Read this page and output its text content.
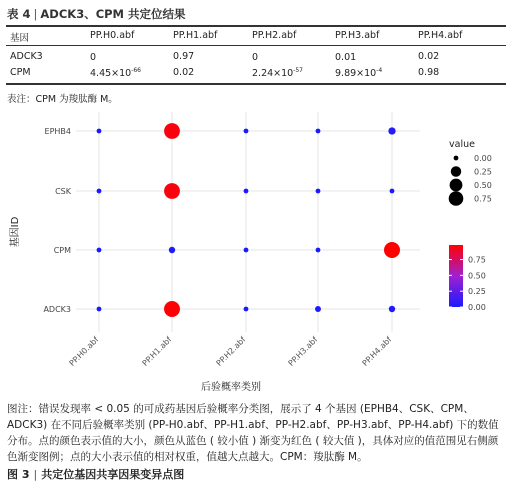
表 4 | ADCK3、CPM 共定位结果
基因	PP.H0.abf	PP.H1.abf	PP.H2.abf	PP.H3.abf	PP.H4.abf
ADCK3	0	0.97	0	0.01	0.02
CPM	$4.45\times 10^{-66}$	0.02	$2.24\times 10^{-57}$	$9.89\times 10^{-4}$	0.98
表注：CPM 为羧肽酶 M。
ADCK3
CPM
CSK
EPHB4
PP.H0.abf	PP.H1.abf	PP.H2.abf	PP.H3.abf	PP.H4.abf
后验概率类别
基因ID
value
0.00
0.25
0.50
0.75
0.75
0.50
0.25
0.00
图注：错误发现率 < 0.05 的可成药基因后验概率分类图，展示了 4 个基因 (EPHB4、CSK、CPM、ADCK3) 在不同后验概率类别 (PP-H0.abf、PP-H1.abf、PP-H2.abf、PP-H3.abf、PP-H4.abf) 下的数值分布。点的颜色表示值的大小，颜色从蓝色 ( 较小值 ) 渐变为红色 ( 较大值 )，具体对应的值范围见右侧颜色渐变图例；点的大小表示值的相对权重，值越大点越大。CPM：羧肽酶 M。
图 3 | 共定位基因共享因果变异点图
